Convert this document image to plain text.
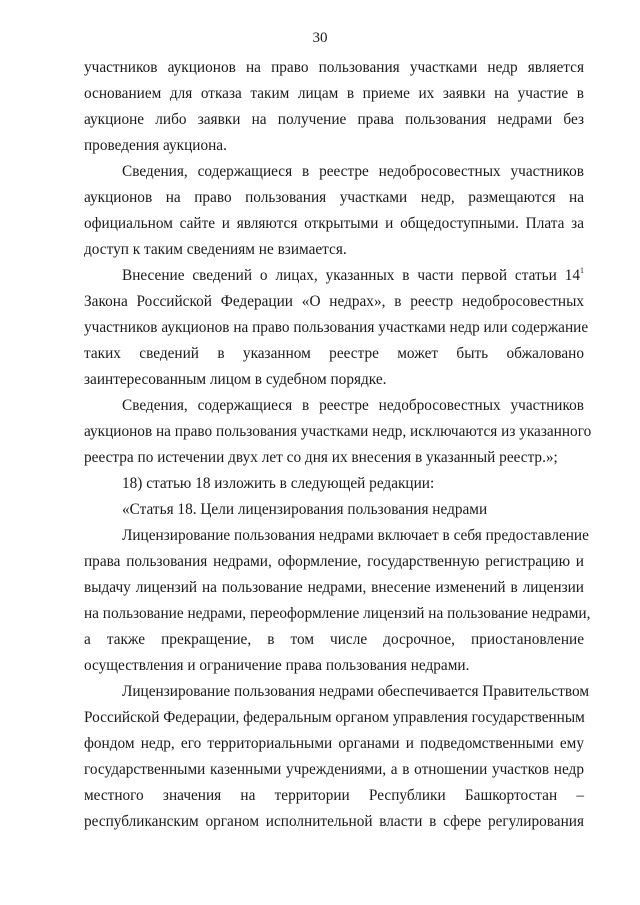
30
участников аукционов на право пользования участками недр является
основанием для отказа таким лицам в приеме их заявки на участие в
аукционе либо заявки на получение права пользования недрами без
проведения аукциона.
Сведения, содержащиеся в реестре недобросовестных участников
аукционов на право пользования участками недр, размещаются на
официальном сайте и являются открытыми и общедоступными. Плата за
доступ к таким сведениям не взимается.
Внесение сведений о лицах, указанных в части первой статьи $14^1$
Закона Российской Федерации «О недрах», в реестр недобросовестных
участников аукционов на право пользования участками недр или содержание
таких сведений в указанном реестре может быть обжаловано
заинтересованным лицом в судебном порядке.
Сведения, содержащиеся в реестре недобросовестных участников
аукционов на право пользования участками недр, исключаются из указанного
реестра по истечении двух лет со дня их внесения в указанный реестр.»;
18) статью 18 изложить в следующей редакции:
«Статья 18. Цели лицензирования пользования недрами
Лицензирование пользования недрами включает в себя предоставление
права пользования недрами, оформление, государственную регистрацию и
выдачу лицензий на пользование недрами, внесение изменений в лицензии
на пользование недрами, переоформление лицензий на пользование недрами,
а также прекращение, в том числе досрочное, приостановление
осуществления и ограничение права пользования недрами.
Лицензирование пользования недрами обеспечивается Правительством
Российской Федерации, федеральным органом управления государственным
фондом недр, его территориальными органами и подведомственными ему
государственными казенными учреждениями, а в отношении участков недр
местного значения на территории Республики Башкортостан –
республиканским органом исполнительной власти в сфере регулирования
